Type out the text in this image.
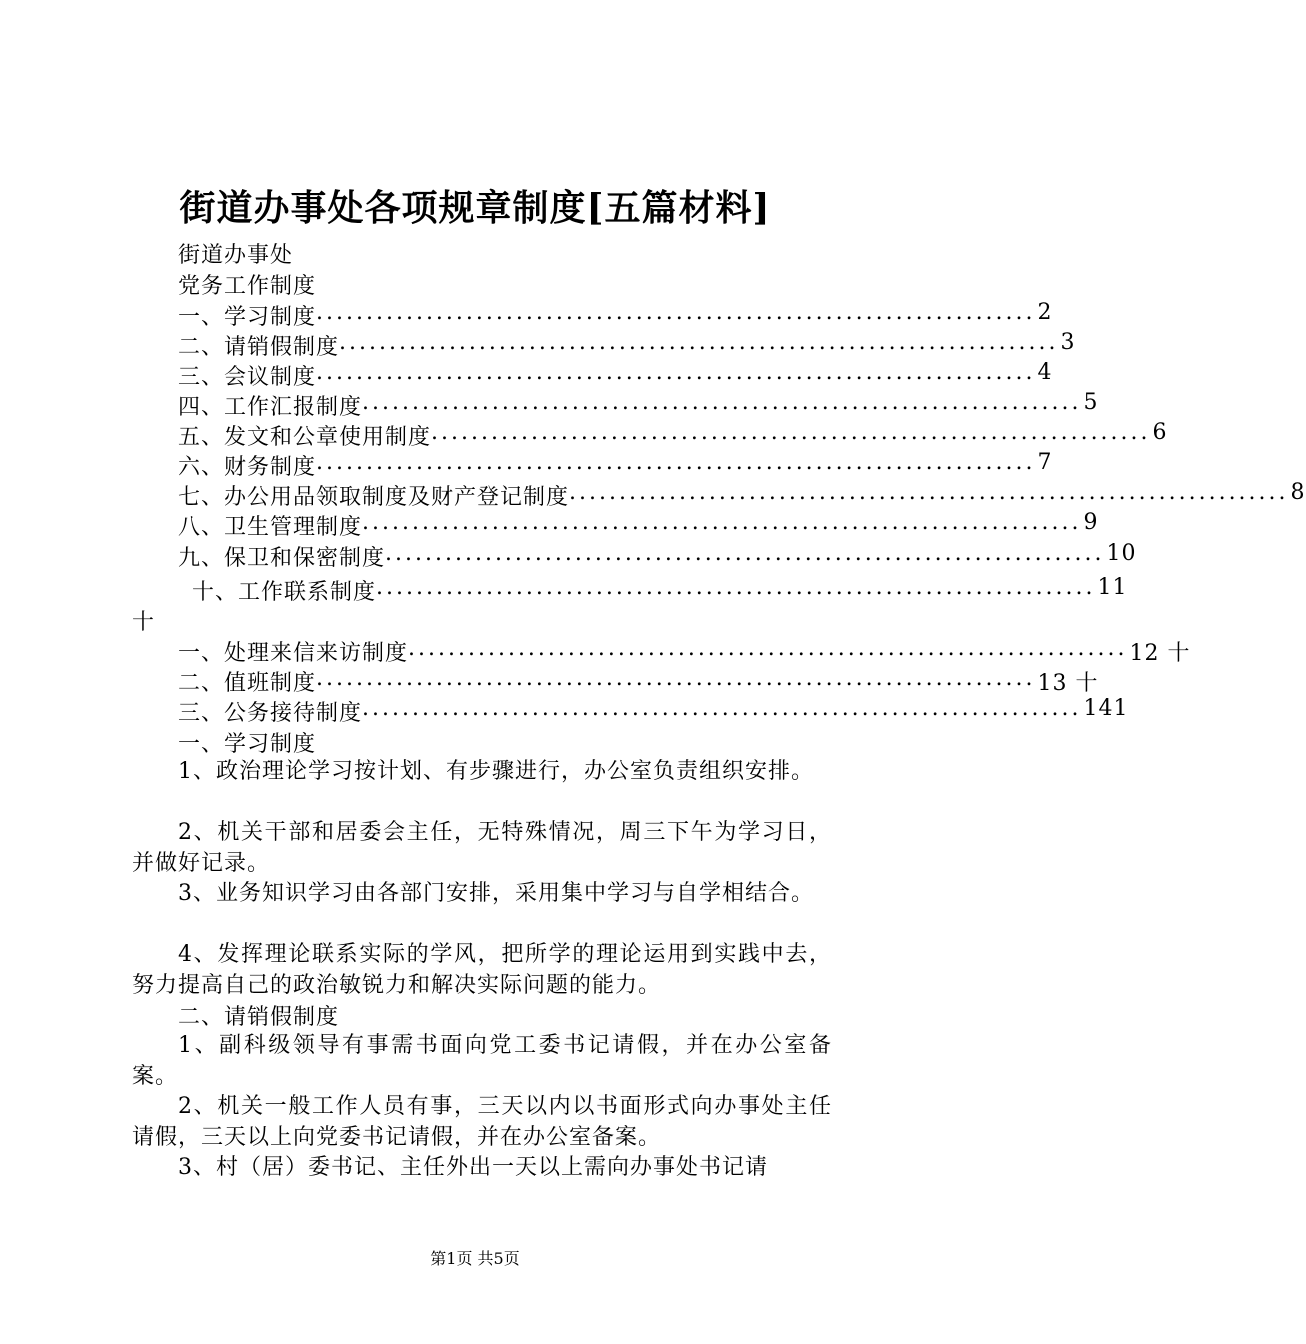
街道办事处各项规章制度[五篇材料]
街道办事处
党务工作制度
一、学习制度 ........................................................................ 2
二、请销假制度 ........................................................................ 3
三、会议制度 ........................................................................ 4
四、工作汇报制度 ........................................................................ 5
五、发文和公章使用制度 ........................................................................ 6
六、财务制度 ........................................................................ 7
七、办公用品领取制度及财产登记制度 ........................................................................ 8
八、卫生管理制度 ........................................................................ 9
九、保卫和保密制度 ........................................................................ 10
十、工作联系制度 ........................................................................ 11
十
一、处理来信来访制度 ........................................................................ 12 十
二、值班制度 ........................................................................ 13 十
三、公务接待制度 ........................................................................ 141
一、学习制度
1、政治理论学习按计划、有步骤进行，办公室负责组织安排。
2、机关干部和居委会主任，无特殊情况，周三下午为学习日，并做好记录。
3、业务知识学习由各部门安排，采用集中学习与自学相结合。
4、发挥理论联系实际的学风，把所学的理论运用到实践中去，努力提高自己的政治敏锐力和解决实际问题的能力。
二、请销假制度
1、副科级领导有事需书面向党工委书记请假，并在办公室备案。
2、机关一般工作人员有事，三天以内以书面形式向办事处主任请假，三天以上向党委书记请假，并在办公室备案。
3、村（居）委书记、主任外出一天以上需向办事处书记请
第1页 共5页
